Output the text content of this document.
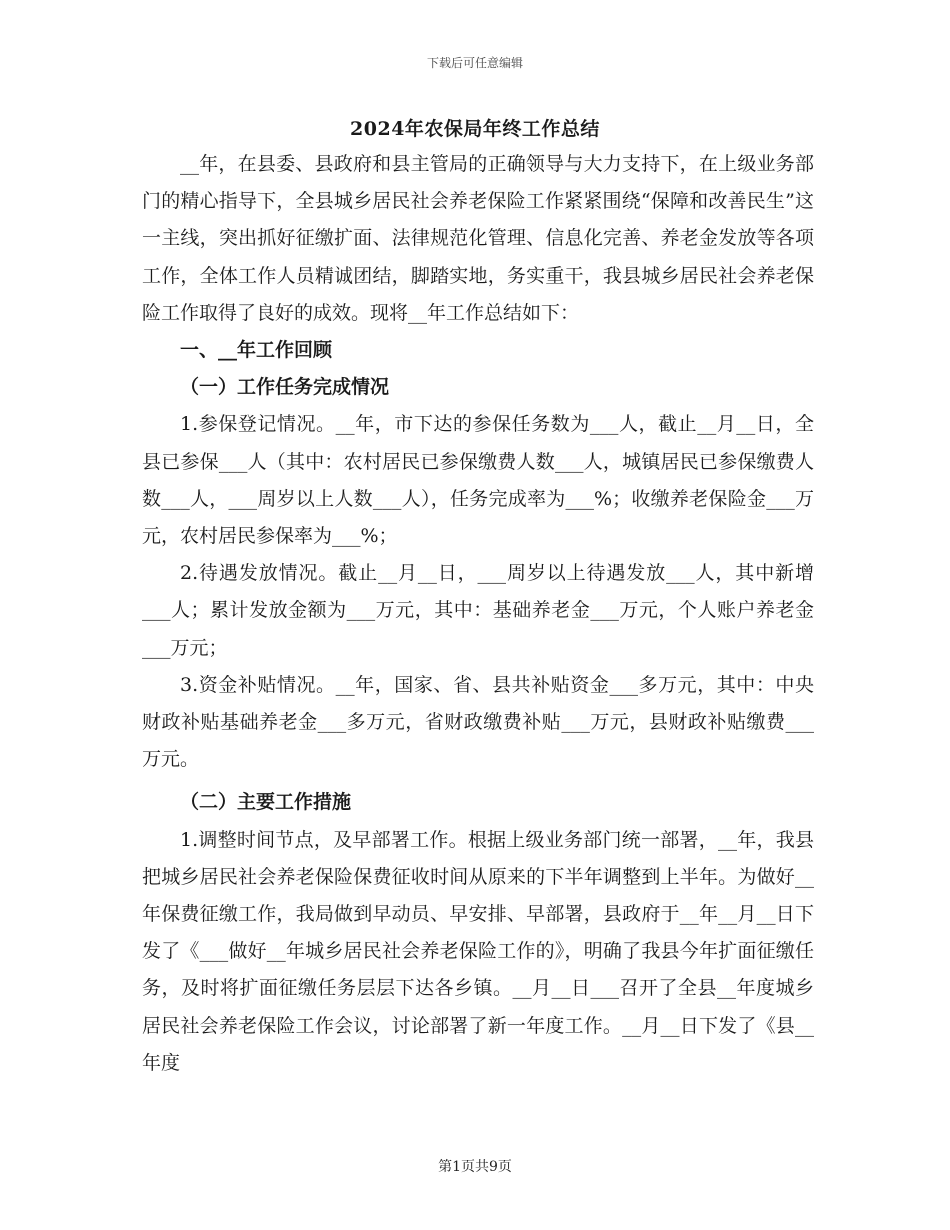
下载后可任意编辑
2024年农保局年终工作总结

__年，在县委、县政府和县主管局的正确领导与大力支持下，在上级业务部门的精心指导下，全县城乡居民社会养老保险工作紧紧围绕“保障和改善民生”这一主线，突出抓好征缴扩面、法律规范化管理、信息化完善、养老金发放等各项工作，全体工作人员精诚团结，脚踏实地，务实重干，我县城乡居民社会养老保险工作取得了良好的成效。现将__年工作总结如下：

一、__年工作回顾

（一）工作任务完成情况

1.参保登记情况。__年，市下达的参保任务数为___人，截止__月__日，全县已参保___人（其中：农村居民已参保缴费人数___人，城镇居民已参保缴费人数___人，___周岁以上人数___人），任务完成率为___%；收缴养老保险金___万元，农村居民参保率为___%；

2.待遇发放情况。截止__月__日，___周岁以上待遇发放___人，其中新增___人；累计发放金额为___万元，其中：基础养老金___万元，个人账户养老金___万元；

3.资金补贴情况。__年，国家、省、县共补贴资金___多万元，其中：中央财政补贴基础养老金___多万元，省财政缴费补贴___万元，县财政补贴缴费___万元。

（二）主要工作措施

1.调整时间节点，及早部署工作。根据上级业务部门统一部署，__年，我县把城乡居民社会养老保险保费征收时间从原来的下半年调整到上半年。为做好__年保费征缴工作，我局做到早动员、早安排、早部署，县政府于__年__月__日下发了《___做好__年城乡居民社会养老保险工作的》，明确了我县今年扩面征缴任务，及时将扩面征缴任务层层下达各乡镇。__月__日___召开了全县__年度城乡居民社会养老保险工作会议，讨论部署了新一年度工作。__月__日下发了《县__年度

第1页共9页
